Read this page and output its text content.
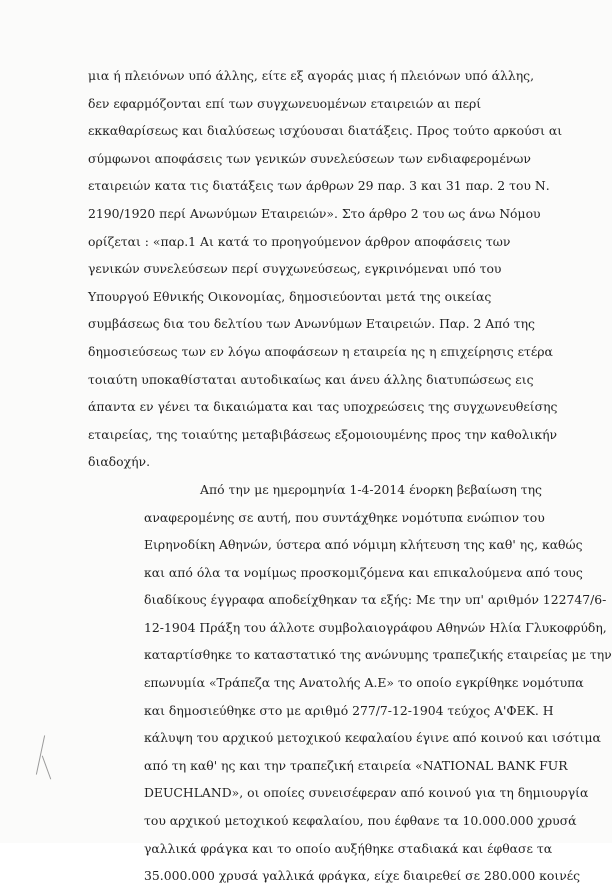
μια ή πλειόνων υπό άλλης, είτε εξ αγοράς μιας ή πλειόνων υπό άλλης,
δεν εφαρμόζονται επί των συγχωνευομένων εταιρειών αι περί
εκκαθαρίσεως και διαλύσεως ισχύουσαι διατάξεις. Προς τούτο αρκούσι αι
σύμφωνοι αποφάσεις των γενικών συνελεύσεων των ενδιαφερομένων
εταιρειών κατα τις διατάξεις των άρθρων 29 παρ. 3 και 31 παρ. 2 του Ν.
2190/1920 περί Ανωνύμων Εταιρειών». Στο άρθρο 2 του ως άνω Νόμου
ορίζεται : «παρ.1 Αι κατά το προηγούμενον άρθρον αποφάσεις των
γενικών συνελεύσεων περί συγχωνεύσεως, εγκρινόμεναι υπό του
Υπουργού Εθνικής Οικονομίας, δημοσιεύονται μετά της οικείας
συμβάσεως δια του δελτίου των Ανωνύμων Εταιρειών. Παρ. 2 Από της
δημοσιεύσεως των εν λόγω αποφάσεων η εταιρεία ης η επιχείρησις ετέρα
τοιαύτη υποκαθίσταται αυτοδικαίως και άνευ άλλης διατυπώσεως εις
άπαντα εν γένει τα δικαιώματα και τας υποχρεώσεις της συγχωνευθείσης
εταιρείας, της τοιαύτης μεταβιβάσεως εξομοιουμένης προς την καθολικήν
διαδοχήν.
Από την με ημερομηνία 1-4-2014 ένορκη βεβαίωση της
αναφερομένης σε αυτή, που συντάχθηκε νομότυπα ενώπιον του
Ειρηνοδίκη Αθηνών, ύστερα από νόμιμη κλήτευση της καθ' ης, καθώς
και από όλα τα νομίμως προσκομιζόμενα και επικαλούμενα από τους
διαδίκους έγγραφα αποδείχθηκαν τα εξής: Με την υπ' αριθμόν 122747/6-
12-1904 Πράξη του άλλοτε συμβολαιογράφου Αθηνών Ηλία Γλυκοφρύδη,
καταρτίσθηκε το καταστατικό της ανώνυμης τραπεζικής εταιρείας με την
επωνυμία «Τράπεζα της Ανατολής Α.Ε» το οποίο εγκρίθηκε νομότυπα
και δημοσιεύθηκε στο με αριθμό 277/7-12-1904 τεύχος Α'ΦΕΚ. Η
κάλυψη του αρχικού μετοχικού κεφαλαίου έγινε από κοινού και ισότιμα
από τη καθ' ης και την τραπεζική εταιρεία «NATIONAL BANK FUR
DEUCHLAND», οι οποίες συνεισέφεραν από κοινού για τη δημιουργία
του αρχικού μετοχικού κεφαλαίου, που έφθανε τα 10.000.000 χρυσά
γαλλικά φράγκα και το οποίο αυξήθηκε σταδιακά και έφθασε τα
35.000.000 χρυσά γαλλικά φράγκα, είχε διαιρεθεί σε 280.000 κοινές
